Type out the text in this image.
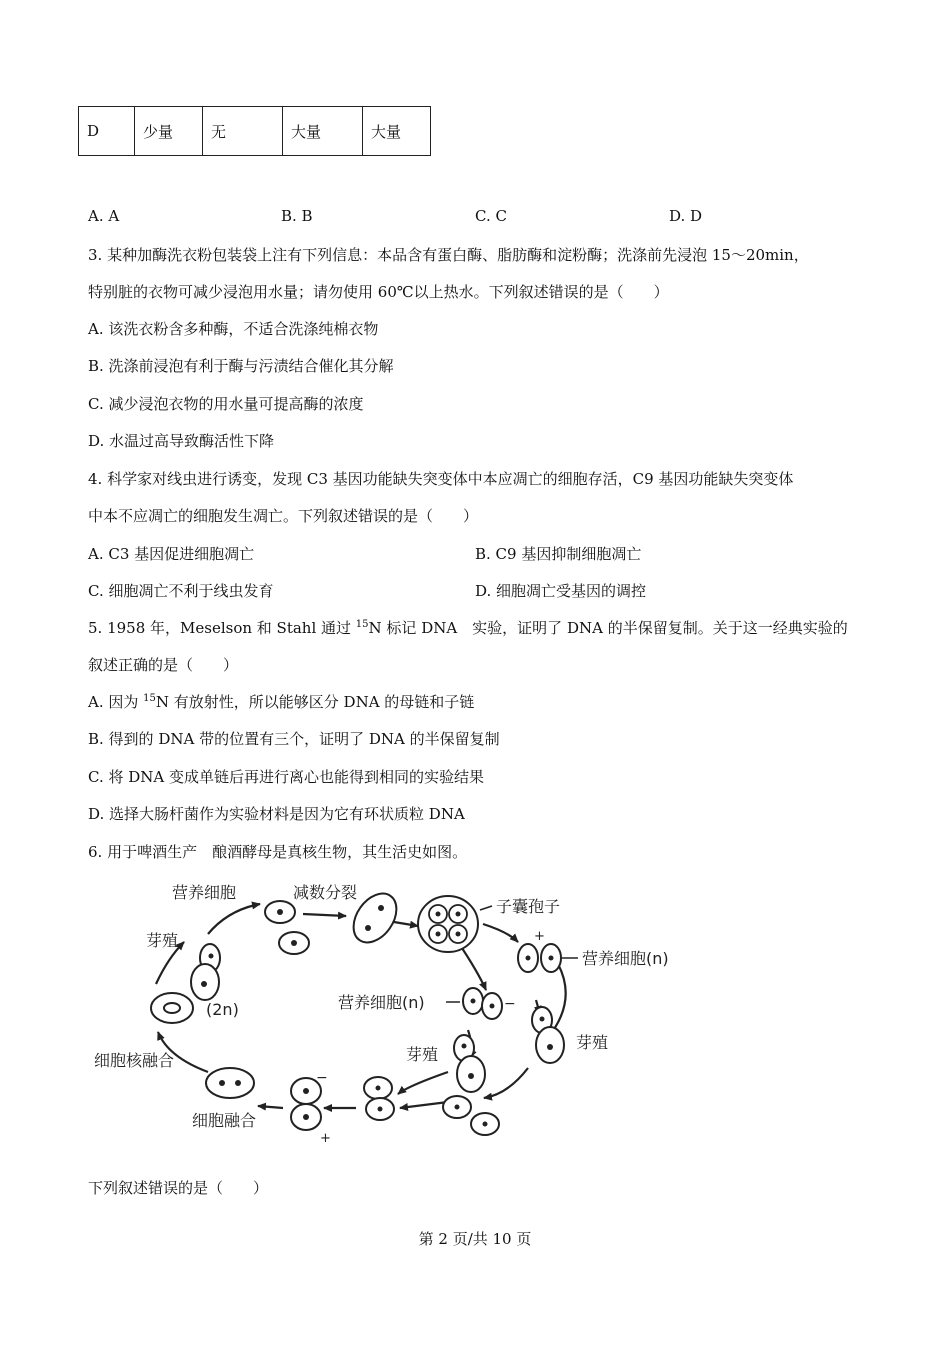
D	少量	无	大量	大量
A. A	B. B	C. C	D. D
3. 某种加酶洗衣粉包装袋上注有下列信息：本品含有蛋白酶、脂肪酶和淀粉酶；洗涤前先浸泡 15～20min，
特别脏的衣物可减少浸泡用水量；请勿使用 60℃以上热水。下列叙述错误的是（　　）
A. 该洗衣粉含多种酶，不适合洗涤纯棉衣物
B. 洗涤前浸泡有利于酶与污渍结合催化其分解
C. 减少浸泡衣物的用水量可提高酶的浓度
D. 水温过高导致酶活性下降
4. 科学家对线虫进行诱变，发现 C3 基因功能缺失突变体中本应凋亡的细胞存活，C9 基因功能缺失突变体
中本不应凋亡的细胞发生凋亡。下列叙述错误的是（　　）
A. C3 基因促进细胞凋亡	B. C9 基因抑制细胞凋亡
C. 细胞凋亡不利于线虫发育	D. 细胞凋亡受基因的调控
5. 1958 年，Meselson 和 Stahl 通过 $^{15}$N 标记 DNA　实验，证明了 DNA 的半保留复制。关于这一经典实验的
叙述正确的是（　　）
A. 因为 $^{15}$N 有放射性，所以能够区分 DNA 的母链和子链
B. 得到的 DNA 带的位置有三个，证明了 DNA 的半保留复制
C. 将 DNA 变成单链后再进行离心也能得到相同的实验结果
D. 选择大肠杆菌作为实验材料是因为它有环状质粒 DNA
6. 用于啤酒生产　酿酒酵母是真核生物，其生活史如图。
营养细胞	减数分裂
子囊孢子
营养细胞(n)
营养细胞(n)
芽殖
芽殖
芽殖
(2n)
细胞核融合
细胞融合
+
+
−
−
下列叙述错误的是（　　）
第 2 页/共 10 页
